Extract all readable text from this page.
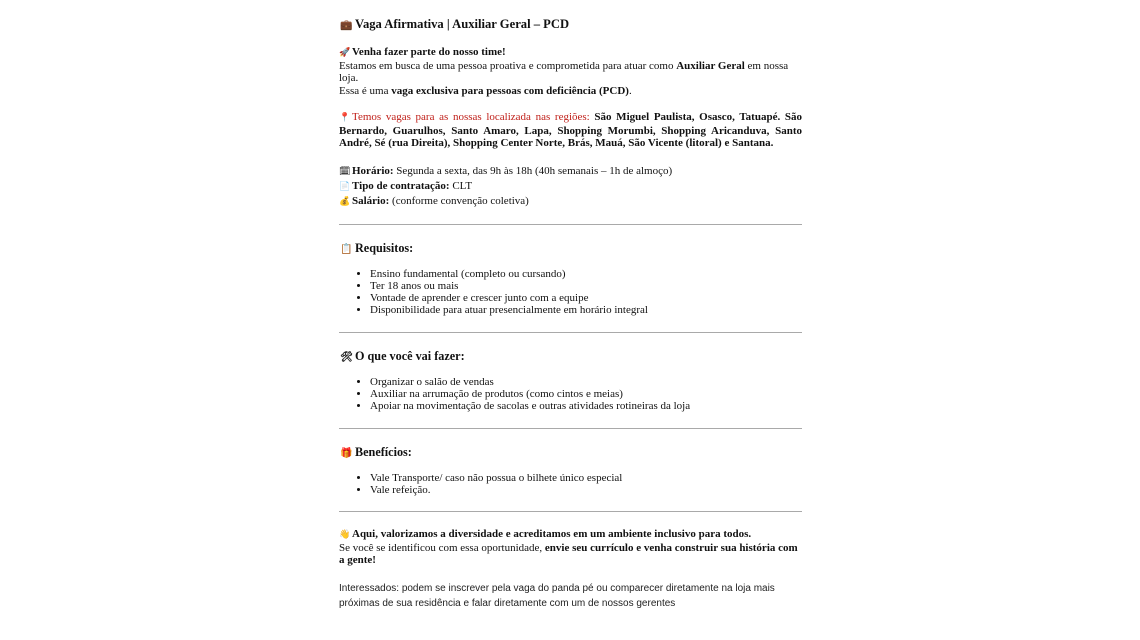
💼 Vaga Afirmativa | Auxiliar Geral – PCD

🚀 Venha fazer parte do nosso time!

Estamos em busca de uma pessoa proativa e comprometida para atuar como Auxiliar Geral em nossa loja.

Essa é uma vaga exclusiva para pessoas com deficiência (PCD).

📍 Temos vagas para as nossas localizada nas regiões: São Miguel Paulista, Osasco, Tatuapé. São Bernardo, Guarulhos, Santo Amaro, Lapa, Shopping Morumbi, Shopping Aricanduva, Santo André, Sé (rua Direita), Shopping Center Norte, Brás, Mauá, São Vicente (litoral) e Santana.

🗓 Horário: Segunda a sexta, das 9h às 18h (40h semanais – 1h de almoço)

📄 Tipo de contratação: CLT

💰 Salário: (conforme convenção coletiva)

📋 Requisitos:
• Ensino fundamental (completo ou cursando)
• Ter 18 anos ou mais
• Vontade de aprender e crescer junto com a equipe
• Disponibilidade para atuar presencialmente em horário integral
🛠 O que você vai fazer:
• Organizar o salão de vendas
• Auxiliar na arrumação de produtos (como cintos e meias)
• Apoiar na movimentação de sacolas e outras atividades rotineiras da loja
🎁 Benefícios:
• Vale Transporte/ caso não possua o bilhete único especial
• Vale refeição.

👋 Aqui, valorizamos a diversidade e acreditamos em um ambiente inclusivo para todos.

Se você se identificou com essa oportunidade, envie seu currículo e venha construir sua história com a gente!

Interessados: podem se inscrever pela vaga do panda pé ou comparecer diretamente na loja mais próximas de sua residência e falar diretamente com um de nossos gerentes
